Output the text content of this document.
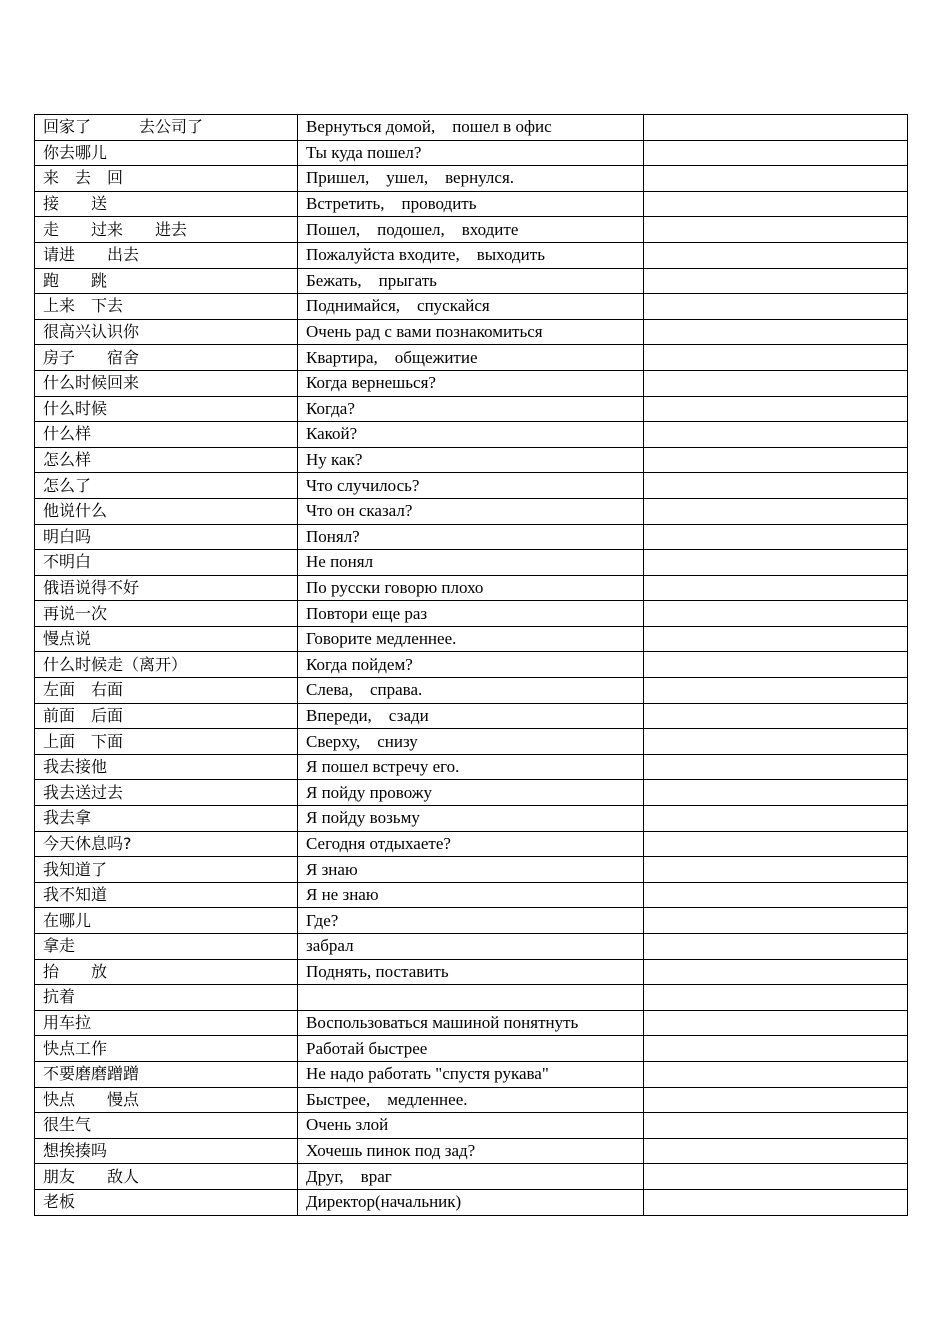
回家了　　　去公司了	Вернуться домой,　пошел в офис	
你去哪儿	Ты куда пошел?	
来　去　回	Пришел,　ушел,　вернулся.	
接　　送	Встретить,　проводить	
走　　过来　　进去	Пошел,　подошел,　входите	
请进　　出去	Пожалуйста входите,　выходить	
跑　　跳	Бежать,　прыгать	
上来　下去	Поднимайся,　спускайся	
很高兴认识你	Очень рад с вами познакомиться	
房子　　宿舍	Квартира,　общежитие	
什么时候回来	Когда вернешься?	
什么时候	Когда?	
什么样	Какой?	
怎么样	Ну как?	
怎么了	Что случилось?	
他说什么	Что он сказал?	
明白吗	Понял?	
不明白	Не понял	
俄语说得不好	По русски говорю плохо	
再说一次	Повтори еще раз	
慢点说	Говорите медленнее.	
什么时候走（离开）	Когда пойдем?	
左面　右面	Слева,　справа.	
前面　后面	Впереди,　сзади	
上面　下面	Сверху,　снизу	
我去接他	Я пошел встречу его.	
我去送过去	Я пойду провожу	
我去拿	Я пойду возьму	
今天休息吗?	Сегодня отдыхаете?	
我知道了	Я знаю	
我不知道	Я не знаю	
在哪儿	Где?	
拿走	забрал	
抬　　放	Поднять, поставить	
抗着		
用车拉	Воспользоваться машиной понятнуть	
快点工作	Работай быстрее	
不要磨磨蹭蹭	Не надо работать "спустя рукава"	
快点　　慢点	Быстрее,　медленнее.	
很生气	Очень злой	
想挨揍吗	Хочешь пинок под зад?	
朋友　　敌人	Друг,　враг	
老板	Директор(начальник)	
